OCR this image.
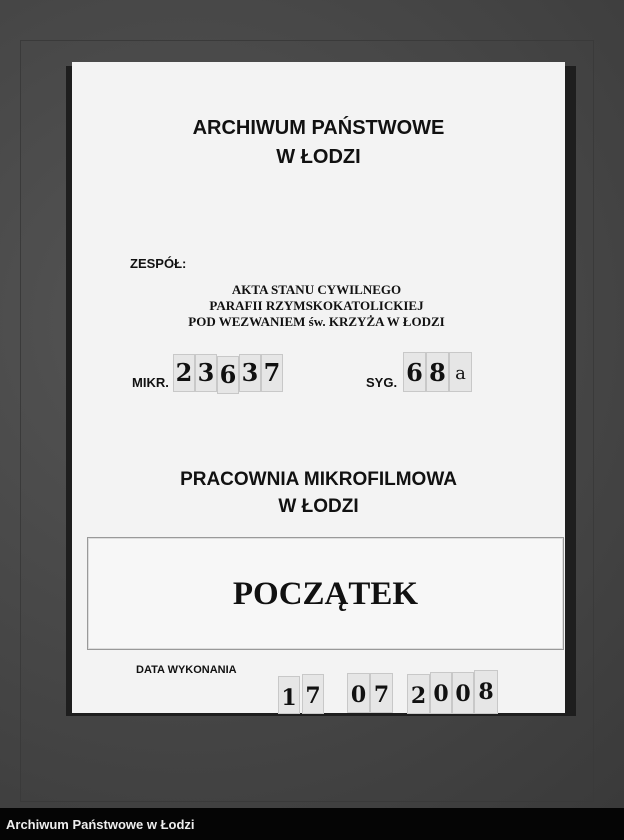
ARCHIWUM PAŃSTWOWE
W ŁODZI
ZESPÓŁ:
AKTA STANU CYWILNEGO
PARAFII RZYMSKOKATOLICKIEJ
POD WEZWANIEM św. KRZYŻA W ŁODZI
MIKR. 2 3 6 3 7	SYG. 6 8 a
PRACOWNIA MIKROFILMOWA
W ŁODZI
POCZĄTEK
DATA WYKONANIA
1 7 0 7 2 0 0 8
Archiwum Państwowe w Łodzi
